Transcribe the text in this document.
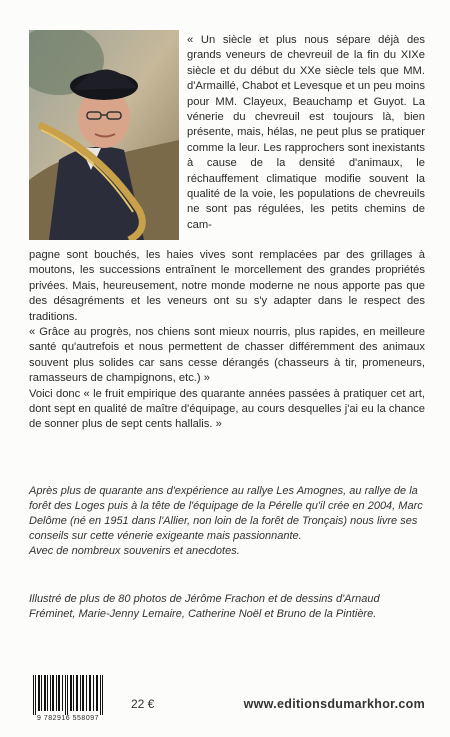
« Un siècle et plus nous sépare déjà des grands veneurs de chevreuil de la fin du XIXe siècle et du début du XXe siècle tels que MM. d'Armaillé, Chabot et Levesque et un peu moins pour MM. Clayeux, Beauchamp et Guyot. La vénerie du chevreuil est toujours là, bien présente, mais, hélas, ne peut plus se pratiquer comme la leur. Les rapprochers sont inexistants à cause de la densité d'animaux, le réchauffement climatique modifie souvent la qualité de la voie, les populations de chevreuils ne sont pas régulées, les petits chemins de cam-

pagne sont bouchés, les haies vives sont remplacées par des grillages à moutons, les successions entraînent le morcellement des grandes propriétés privées. Mais, heureusement, notre monde moderne ne nous apporte pas que des désagréments et les veneurs ont su s'y adapter dans le respect des traditions.

« Grâce au progrès, nos chiens sont mieux nourris, plus rapides, en meilleure santé qu'autrefois et nous permettent de chasser différemment des animaux souvent plus solides car sans cesse dérangés (chasseurs à tir, promeneurs, ramasseurs de champignons, etc.) »

Voici donc « le fruit empirique des quarante années passées à pratiquer cet art, dont sept en qualité de maître d'équipage, au cours desquelles j'ai eu la chance de sonner plus de sept cents hallalis. »

Après plus de quarante ans d'expérience au rallye Les Amognes, au rallye de la forêt des Loges puis à la tête de l'équipage de la Pérelle qu'il crée en 2004, Marc Delôme (né en 1951 dans l'Allier, non loin de la forêt de Tronçais) nous livre ses conseils sur cette vénerie exigeante mais passionnante.

Avec de nombreux souvenirs et anecdotes.

Illustré de plus de 80 photos de Jérôme Frachon et de dessins d'Arnaud Fréminet, Marie-Jenny Lemaire, Catherine Noël et Bruno de la Pintière.

9 782916 558097
22 €	www.editionsdumarkhor.com
